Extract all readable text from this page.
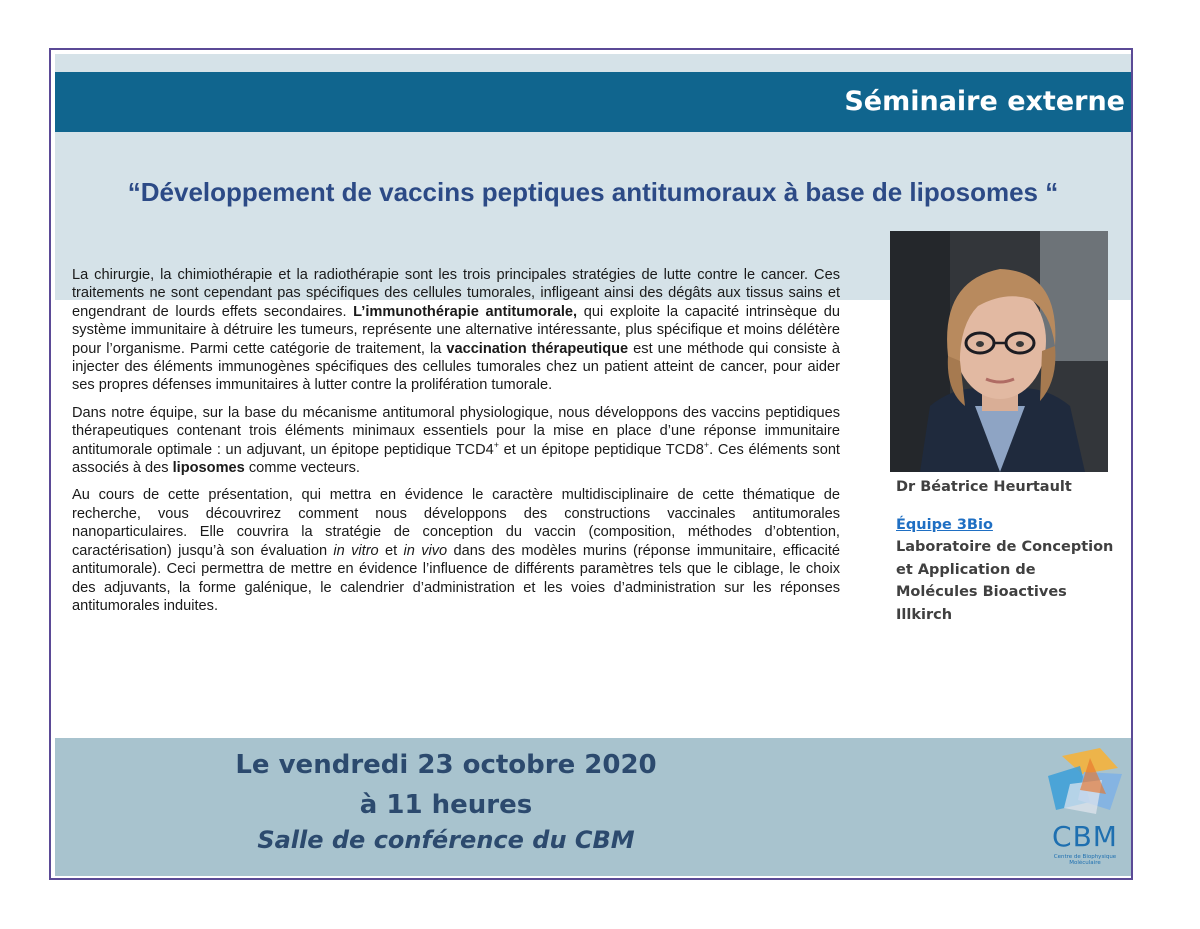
Séminaire externe
“Développement de vaccins peptiques antitumoraux à base de liposomes “

La chirurgie, la chimiothérapie et la radiothérapie sont les trois principales stratégies de lutte contre le cancer. Ces traitements ne sont cependant pas spécifiques des cellules tumorales, infligeant ainsi des dégâts aux tissus sains et engendrant de lourds effets secondaires. L’immunothérapie antitumorale, qui exploite la capacité intrinsèque du système immunitaire à détruire les tumeurs, représente une alternative intéressante, plus spécifique et moins délétère pour l’organisme. Parmi cette catégorie de traitement, la vaccination thérapeutique est une méthode qui consiste à injecter des éléments immunogènes spécifiques des cellules tumorales chez un patient atteint de cancer, pour aider ses propres défenses immunitaires à lutter contre la prolifération tumorale.

Dans notre équipe, sur la base du mécanisme antitumoral physiologique, nous développons des vaccins peptidiques thérapeutiques contenant trois éléments minimaux essentiels pour la mise en place d’une réponse immunitaire antitumorale optimale : un adjuvant, un épitope peptidique TCD4+ et un épitope peptidique TCD8+. Ces éléments sont associés à des liposomes comme vecteurs.

Au cours de cette présentation, qui mettra en évidence le caractère multidisciplinaire de cette thématique de recherche, vous découvrirez comment nous développons des constructions vaccinales antitumorales nanoparticulaires. Elle couvrira la stratégie de conception du vaccin (composition, méthodes d’obtention, caractérisation) jusqu’à son évaluation in vitro et in vivo dans des modèles murins (réponse immunitaire, efficacité antitumorale). Ceci permettra de mettre en évidence l’influence de différents paramètres tels que le ciblage, le choix des adjuvants, la forme galénique, le calendrier d’administration et les voies d’administration sur les réponses antitumorales induites.

Dr Béatrice Heurtault
Équipe 3Bio
Laboratoire de Conception
et Application de
Molécules Bioactives
Illkirch
Le vendredi 23 octobre 2020
à 11 heures
Salle de conférence du CBM	CBM
Centre de Biophysique Moléculaire
